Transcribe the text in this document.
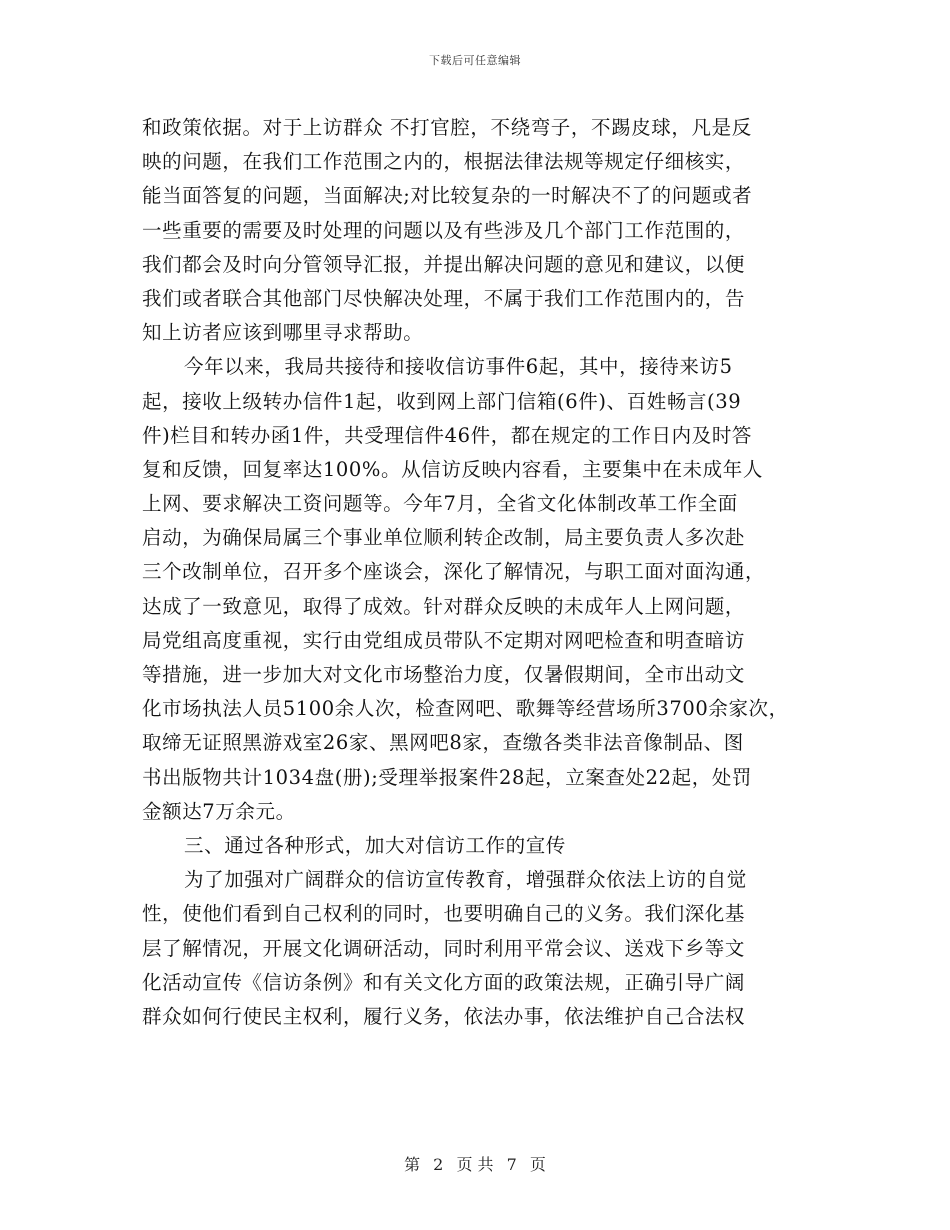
下载后可任意编辑
和政策依据。对于上访群众 不打官腔，不绕弯子，不踢皮球，凡是反
映的问题，在我们工作范围之内的，根据法律法规等规定仔细核实，
能当面答复的问题，当面解决;对比较复杂的一时解决不了的问题或者
一些重要的需要及时处理的问题以及有些涉及几个部门工作范围的，
我们都会及时向分管领导汇报，并提出解决问题的意见和建议，以便
我们或者联合其他部门尽快解决处理，不属于我们工作范围内的，告
知上访者应该到哪里寻求帮助。
今年以来，我局共接待和接收信访事件6起，其中，接待来访5
起，接收上级转办信件1起，收到网上部门信箱(6件)、百姓畅言(39
件)栏目和转办函1件，共受理信件46件，都在规定的工作日内及时答
复和反馈，回复率达100%。从信访反映内容看，主要集中在未成年人
上网、要求解决工资问题等。今年7月，全省文化体制改革工作全面
启动，为确保局属三个事业单位顺利转企改制，局主要负责人多次赴
三个改制单位，召开多个座谈会，深化了解情况，与职工面对面沟通，
达成了一致意见，取得了成效。针对群众反映的未成年人上网问题，
局党组高度重视，实行由党组成员带队不定期对网吧检查和明查暗访
等措施，进一步加大对文化市场整治力度，仅暑假期间，全市出动文
化市场执法人员5100余人次，检查网吧、歌舞等经营场所3700余家次，
取缔无证照黑游戏室26家、黑网吧8家，查缴各类非法音像制品、图
书出版物共计1034盘(册);受理举报案件28起，立案查处22起，处罚
金额达7万余元。
三、通过各种形式，加大对信访工作的宣传
为了加强对广阔群众的信访宣传教育，增强群众依法上访的自觉
性，使他们看到自己权利的同时，也要明确自己的义务。我们深化基
层了解情况，开展文化调研活动，同时利用平常会议、送戏下乡等文
化活动宣传《信访条例》和有关文化方面的政策法规，正确引导广阔
群众如何行使民主权利，履行义务，依法办事，依法维护自己合法权
第 2 页 共 7 页
